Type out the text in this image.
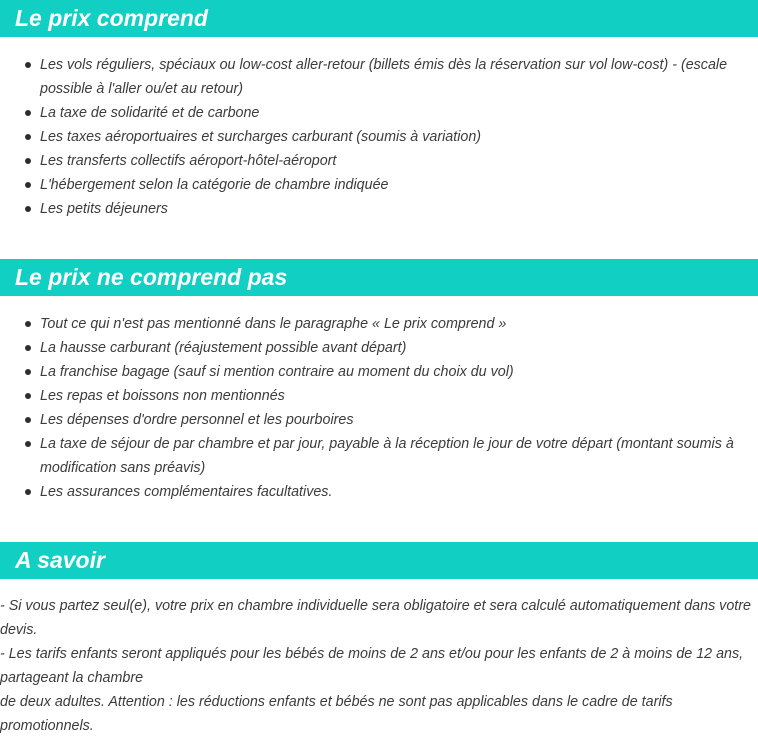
Le prix comprend
Les vols réguliers, spéciaux ou low-cost aller-retour (billets émis dès la réservation sur vol low-cost) - (escale possible à l'aller ou/et au retour)
La taxe de solidarité et de carbone
Les taxes aéroportuaires et surcharges carburant (soumis à variation)
Les transferts collectifs aéroport-hôtel-aéroport
L'hébergement selon la catégorie de chambre indiquée
Les petits déjeuners
Le prix ne comprend pas
Tout ce qui n'est pas mentionné dans le paragraphe « Le prix comprend »
La hausse carburant (réajustement possible avant départ)
La franchise bagage (sauf si mention contraire au moment du choix du vol)
Les repas et boissons non mentionnés
Les dépenses d'ordre personnel et les pourboires
La taxe de séjour de par chambre et par jour, payable à la réception le jour de votre départ (montant soumis à modification sans préavis)
Les assurances complémentaires facultatives.
A savoir

- Si vous partez seul(e), votre prix en chambre individuelle sera obligatoire et sera calculé automatiquement dans votre devis.

- Les tarifs enfants seront appliqués pour les bébés de moins de 2 ans et/ou pour les enfants de 2 à moins de 12 ans, partageant la chambre

de deux adultes. Attention : les réductions enfants et bébés ne sont pas applicables dans le cadre de tarifs promotionnels.
